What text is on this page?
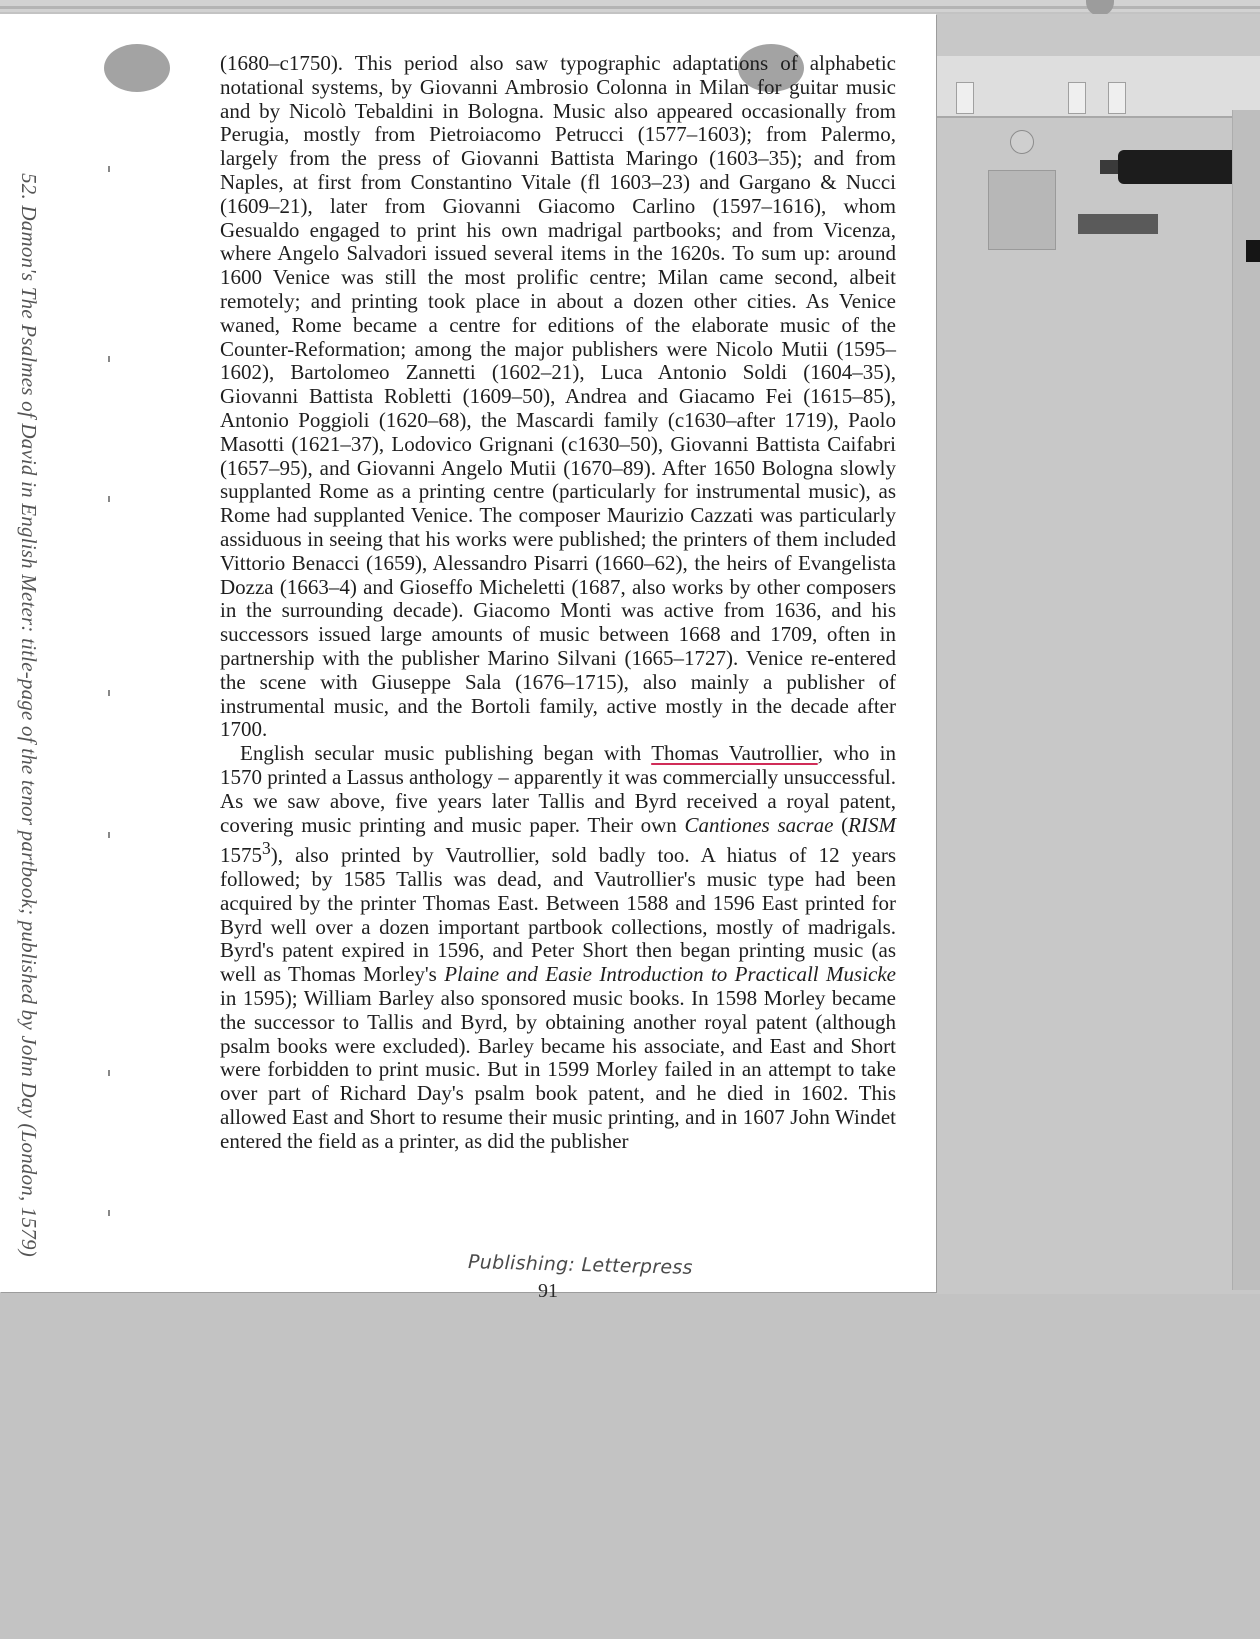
52. Damon's The Psalmes of David in English Meter: title-page of the tenor partbook; published by John Day (London, 1579)

(1680–c1750). This period also saw typographic adaptations of alphabetic notational systems, by Giovanni Ambrosio Colonna in Milan for guitar music and by Nicolò Tebaldini in Bologna. Music also appeared occasionally from Perugia, mostly from Pietroiacomo Petrucci (1577–1603); from Palermo, largely from the press of Giovanni Battista Maringo (1603–35); and from Naples, at first from Constantino Vitale (fl 1603–23) and Gargano & Nucci (1609–21), later from Giovanni Giacomo Carlino (1597–1616), whom Gesualdo engaged to print his own madrigal partbooks; and from Vicenza, where Angelo Salvadori issued several items in the 1620s. To sum up: around 1600 Venice was still the most prolific centre; Milan came second, albeit remotely; and printing took place in about a dozen other cities. As Venice waned, Rome became a centre for editions of the elaborate music of the Counter-Reformation; among the major publishers were Nicolo Mutii (1595–1602), Bartolomeo Zannetti (1602–21), Luca Antonio Soldi (1604–35), Giovanni Battista Robletti (1609–50), Andrea and Giacamo Fei (1615–85), Antonio Poggioli (1620–68), the Mascardi family (c1630–after 1719), Paolo Masotti (1621–37), Lodovico Grignani (c1630–50), Giovanni Battista Caifabri (1657–95), and Giovanni Angelo Mutii (1670–89). After 1650 Bologna slowly supplanted Rome as a printing centre (particularly for instrumental music), as Rome had supplanted Venice. The composer Maurizio Cazzati was particularly assiduous in seeing that his works were published; the printers of them included Vittorio Benacci (1659), Alessandro Pisarri (1660–62), the heirs of Evangelista Dozza (1663–4) and Gioseffo Micheletti (1687, also works by other composers in the surrounding decade). Giacomo Monti was active from 1636, and his successors issued large amounts of music between 1668 and 1709, often in partnership with the publisher Marino Silvani (1665–1727). Venice re-entered the scene with Giuseppe Sala (1676–1715), also mainly a publisher of instrumental music, and the Bortoli family, active mostly in the decade after 1700.

English secular music publishing began with Thomas Vautrollier, who in 1570 printed a Lassus anthology – apparently it was commercially unsuccessful. As we saw above, five years later Tallis and Byrd received a royal patent, covering music printing and music paper. Their own Cantiones sacrae (RISM 1575$^3$), also printed by Vautrollier, sold badly too. A hiatus of 12 years followed; by 1585 Tallis was dead, and Vautrollier's music type had been acquired by the printer Thomas East. Between 1588 and 1596 East printed for Byrd well over a dozen important partbook collections, mostly of madrigals. Byrd's patent expired in 1596, and Peter Short then began printing music (as well as Thomas Morley's Plaine and Easie Introduction to Practicall Musicke in 1595); William Barley also sponsored music books. In 1598 Morley became the successor to Tallis and Byrd, by obtaining another royal patent (although psalm books were excluded). Barley became his associate, and East and Short were forbidden to print music. But in 1599 Morley failed in an attempt to take over part of Richard Day's psalm book patent, and he died in 1602. This allowed East and Short to resume their music printing, and in 1607 John Windet entered the field as a printer, as did the publisher

Publishing: Letterpress
91
